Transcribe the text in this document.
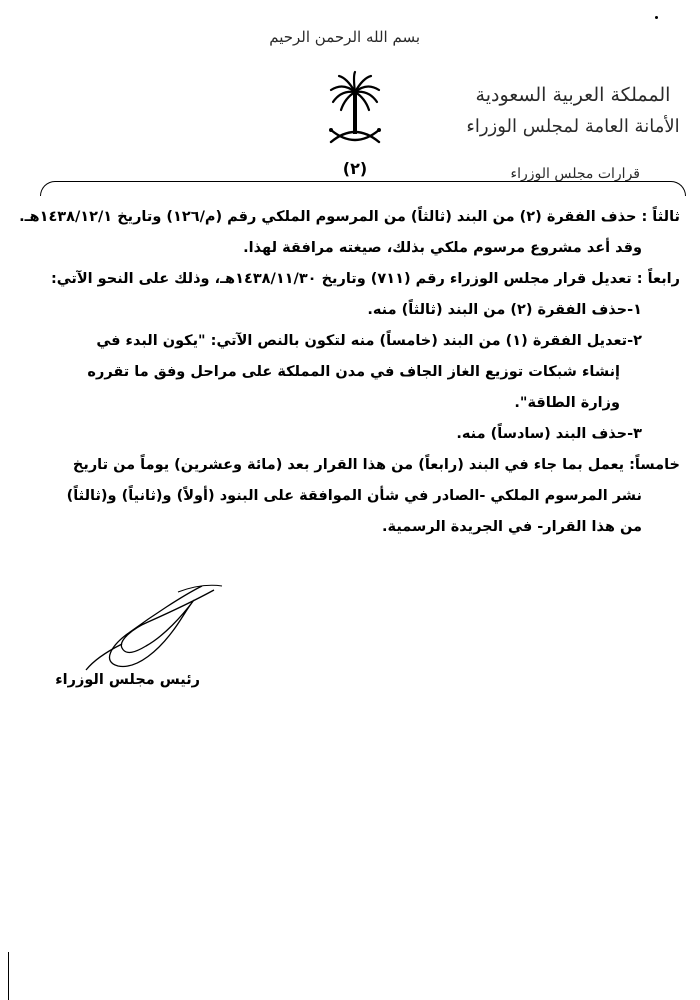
بسم الله الرحمن الرحيم
المملكة العربية السعودية
الأمانة العامة لمجلس الوزراء
(٢)	قرارات مجلس الوزراء

ثالثاً : حذف الفقرة (٢) من البند (ثالثاً) من المرسوم الملكي رقم (م/١٢٦) وتاريخ ١٤٣٨/١٢/١هـ.

وقد أعد مشروع مرسوم ملكي بذلك، صيغته مرافقة لهذا.

رابعاً : تعديل قرار مجلس الوزراء رقم (٧١١) وتاريخ ١٤٣٨/١١/٣٠هـ، وذلك على النحو الآتي:

١-حذف الفقرة (٢) من البند (ثالثاً) منه.

٢-تعديل الفقرة (١) من البند (خامساً) منه لتكون بالنص الآتي: "يكون البدء في

إنشاء شبكات توزيع الغاز الجاف في مدن المملكة على مراحل وفق ما تقرره

وزارة الطاقة".

٣-حذف البند (سادساً) منه.

خامساً: يعمل بما جاء في البند (رابعاً) من هذا القرار بعد (مائة وعشرين) يوماً من تاريخ

نشر المرسوم الملكي -الصادر في شأن الموافقة على البنود (أولاً) و(ثانياً) و(ثالثاً)

من هذا القرار- في الجريدة الرسمية.

رئيس مجلس الوزراء
